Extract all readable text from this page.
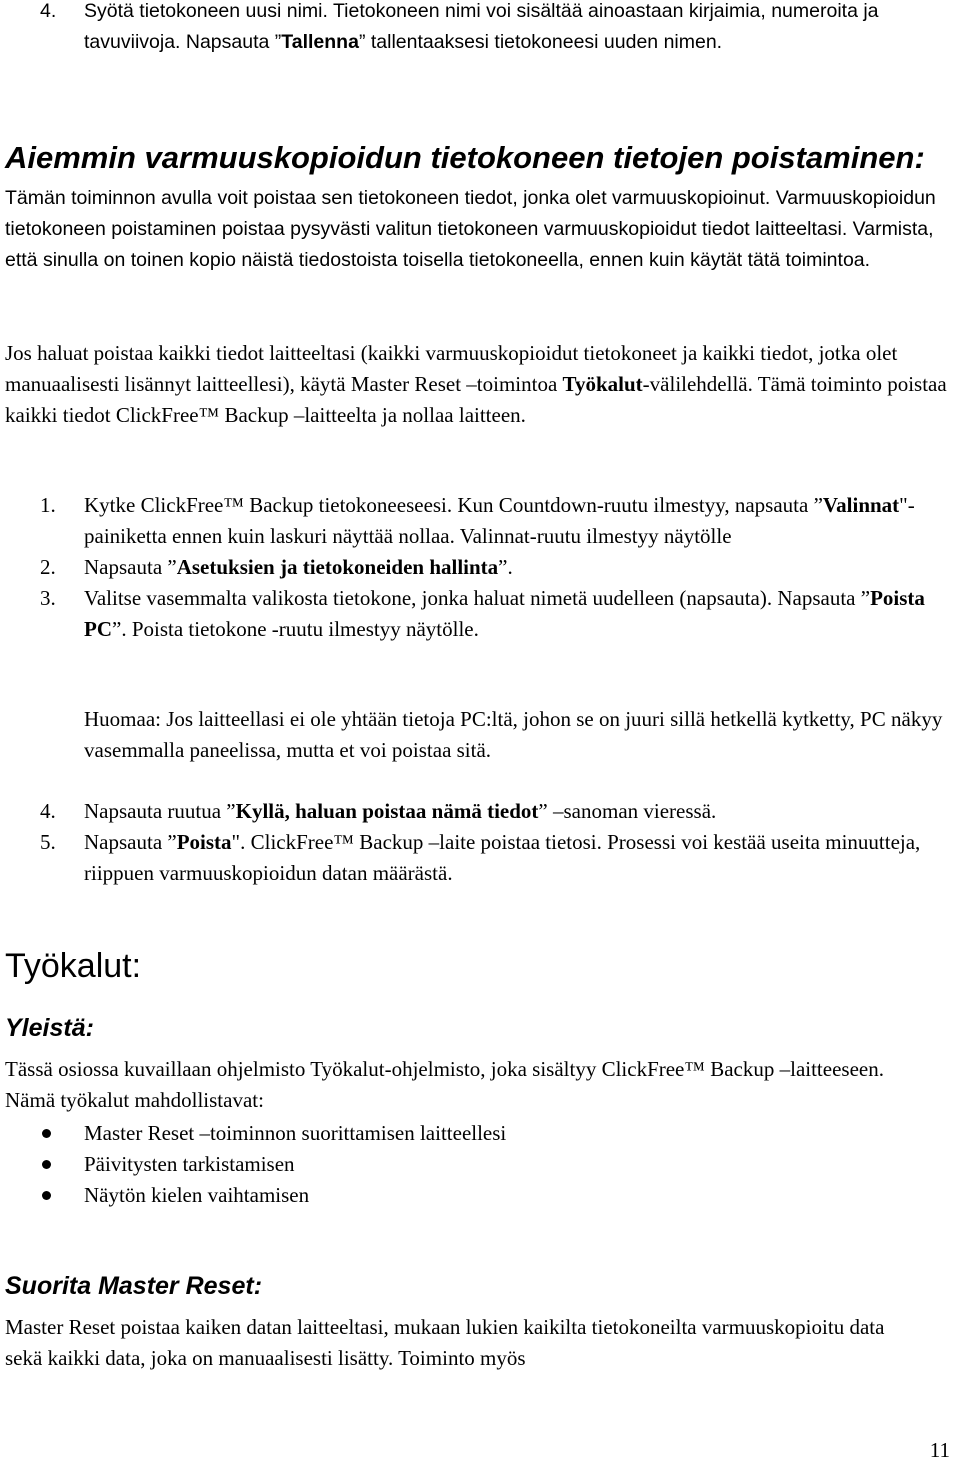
4. Syötä tietokoneen uusi nimi. Tietokoneen nimi voi sisältää ainoastaan kirjaimia, numeroita ja tavuviivoja. Napsauta ”Tallenna” tallentaaksesi tietokoneesi uuden nimen.
Aiemmin varmuuskopioidun tietokoneen tietojen poistaminen:

Tämän toiminnon avulla voit poistaa sen tietokoneen tiedot, jonka olet varmuuskopioinut. Varmuuskopioidun tietokoneen poistaminen poistaa pysyvästi valitun tietokoneen varmuuskopioidut tiedot laitteeltasi. Varmista, että sinulla on toinen kopio näistä tiedostoista toisella tietokoneella, ennen kuin käytät tätä toimintoa.

Jos haluat poistaa kaikki tiedot laitteeltasi (kaikki varmuuskopioidut tietokoneet ja kaikki tiedot, jotka olet manuaalisesti lisännyt laitteellesi), käytä Master Reset –toimintoa Työkalut-välilehdellä. Tämä toiminto poistaa kaikki tiedot ClickFree™ Backup –laitteelta ja nollaa laitteen.

1. Kytke ClickFree™ Backup tietokoneeseesi. Kun Countdown-ruutu ilmestyy, napsauta ”Valinnat"-painiketta ennen kuin laskuri näyttää nollaa. Valinnat-ruutu ilmestyy näytölle
2. Napsauta ”Asetuksien ja tietokoneiden hallinta”.
3. Valitse vasemmalta valikosta tietokone, jonka haluat nimetä uudelleen (napsauta). Napsauta ”Poista PC”. Poista tietokone -ruutu ilmestyy näytölle.

Huomaa: Jos laitteellasi ei ole yhtään tietoja PC:ltä, johon se on juuri sillä hetkellä kytketty, PC näkyy vasemmalla paneelissa, mutta et voi poistaa sitä.

4. Napsauta ruutua ”Kyllä, haluan poistaa nämä tiedot” –sanoman vieressä.
5. Napsauta ”Poista". ClickFree™ Backup –laite poistaa tietosi. Prosessi voi kestää useita minuutteja, riippuen varmuuskopioidun datan määrästä.
Työkalut:
Yleistä:

Tässä osiossa kuvaillaan ohjelmisto Työkalut-ohjelmisto, joka sisältyy ClickFree™ Backup –laitteeseen. Nämä työkalut mahdollistavat:

Master Reset –toiminnon suorittamisen laitteellesi
Päivitysten tarkistamisen
Näytön kielen vaihtamisen
Suorita Master Reset:

Master Reset poistaa kaiken datan laitteeltasi, mukaan lukien kaikilta tietokoneilta varmuuskopioitu data sekä kaikki data, joka on manuaalisesti lisätty. Toiminto myös

11
